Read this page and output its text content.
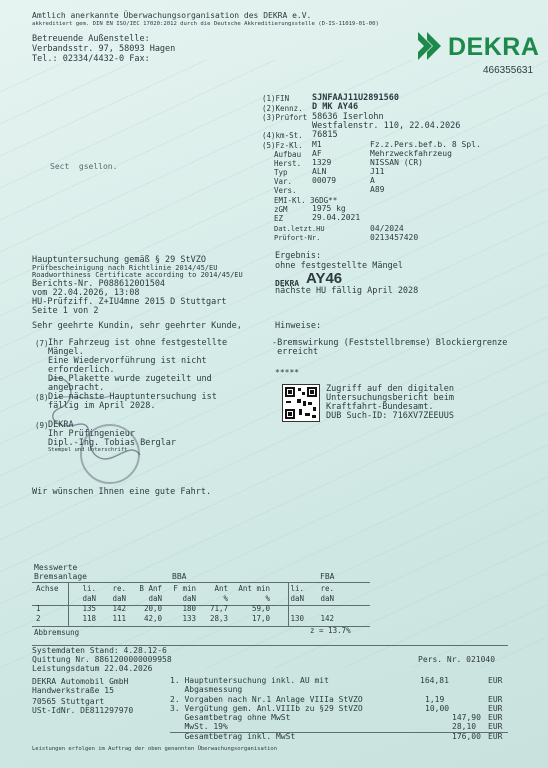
Amtlich anerkannte Überwachungsorganisation des DEKRA e.V.
akkreditiert gem. DIN EN ISO/IEC 17020:2012 durch die Deutsche Akkreditierungsstelle (D-IS-11019-01-00)
Betreuende Außenstelle:
Verbandsstr. 97, 58093 Hagen
Tel.: 02334/4432-0 Fax:	DEKRA
466355631
(1)FIN	SJNFAAJ11U2891560
(2)Kennz. D MK AY46
(3)Prüfort 58636 Iserlohn
Westfalenstr. 110, 22.04.2026
(4)km-St. 76815
(5)Fz-Kl. M1	Fz.z.Pers.bef.b. 8 Spl.
Aufbau AF	Mehrzweckfahrzeug
Herst. 1329	NISSAN (CR)
Typ	ALN	J11
Var. 00079	A
Vers.	A89
EMI-Kl. 36DG**
zGM	1975 kg
EZ	29.04.2021
Dat.letzt.HU	04/2024
Prüfort-Nr.	0213457420
Sect  gsellon.
Hauptuntersuchung gemäß § 29 StVZO
Prüfbescheinigung nach Richtlinie 2014/45/EU
Roadworthiness Certificate according to 2014/45/EU
Berichts-Nr. P0886120O1504
vom 22.04.2026, 13:08
HU-Prüfziff. Z+IU4mne 2015 D Stuttgart
Seite 1 von 2
Ergebnis:
ohne festgestellte Mängel
DEKRA AY46
nächste HU fällig April 2028
Sehr geehrte Kundin, sehr geehrter Kunde,	Hinweise:
-Bremswirkung (Feststellbremse) Blockiergrenze
erreicht
*****
Zugriff auf den digitalen
Untersuchungsbericht beim
Kraftfahrt-Bundesamt.
DUB Such-ID: 716XV7ZEEUUS
(7) Ihr Fahrzeug ist ohne festgestellte
Mängel.
Eine Wiedervorführung ist nicht
erforderlich.
Die Plakette wurde zugeteilt und
angebracht.
(8) Die nächste Hauptuntersuchung ist
fällig im April 2028.
(9) DEKRA
Ihr Prüfingenieur
Dipl.-Ing. Tobias Berglar
Stempel und Unterschrift
Wir wünschen Ihnen eine gute Fahrt.
Messwerte
Bremsanlage	BBA	FBA
Achse	li.	re.	B Anf	F min	Ant	Ant min	li.	re.
	daN	daN	daN	daN	%	%	daN	daN
1	135	142	20,0	180	71,7	59,0		
2	118	111	42,0	133	28,3	17,0	130	142
Abbremsung	z = 13.7%
Systemdaten Stand: 4.28.12-6
Quittung Nr. 8861200000009958
Leistungsdatum 22.04.2026
Pers. Nr. 021040
DEKRA Automobil GmbH
Handwerkstraße 15
70565 Stuttgart
USt-IdNr. DE811297970
1. Hauptuntersuchung inkl. AU mit	164,81	EUR
Abgasmessung
2. Vorgaben nach Nr.1 Anlage VIIIa StVZO	1,19	EUR
3. Vergütung gem. Anl.VIIIb zu §29 StVZO	10,00	EUR
Gesamtbetrag ohne MwSt	147,90 EUR
MwSt. 19%	28,10 EUR
Gesamtbetrag inkl. MwSt	176,00 EUR
Leistungen erfolgen im Auftrag der oben genannten Überwachungsorganisation
